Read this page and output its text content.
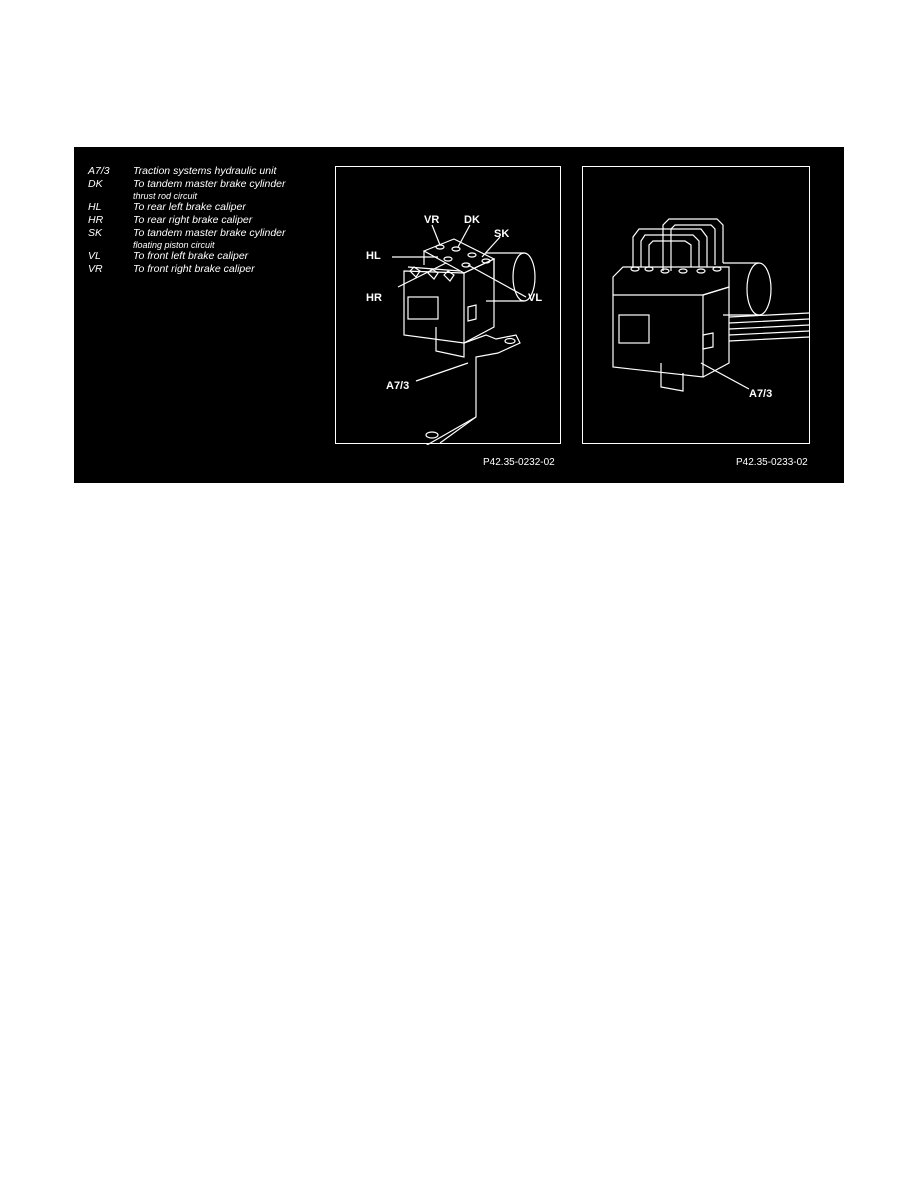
A7/3	Traction systems hydraulic unit
DK	To tandem master brake cylinder
thrust rod circuit
HL	To rear left brake caliper
HR	To rear right brake caliper
SK	To tandem master brake cylinder
floating piston circuit
VL	To front left brake caliper
VR	To front right brake caliper
VR DK
SK
HL
HR	VL
A7/3
A7/3
P42.35-0232-02	P42.35-0233-02
